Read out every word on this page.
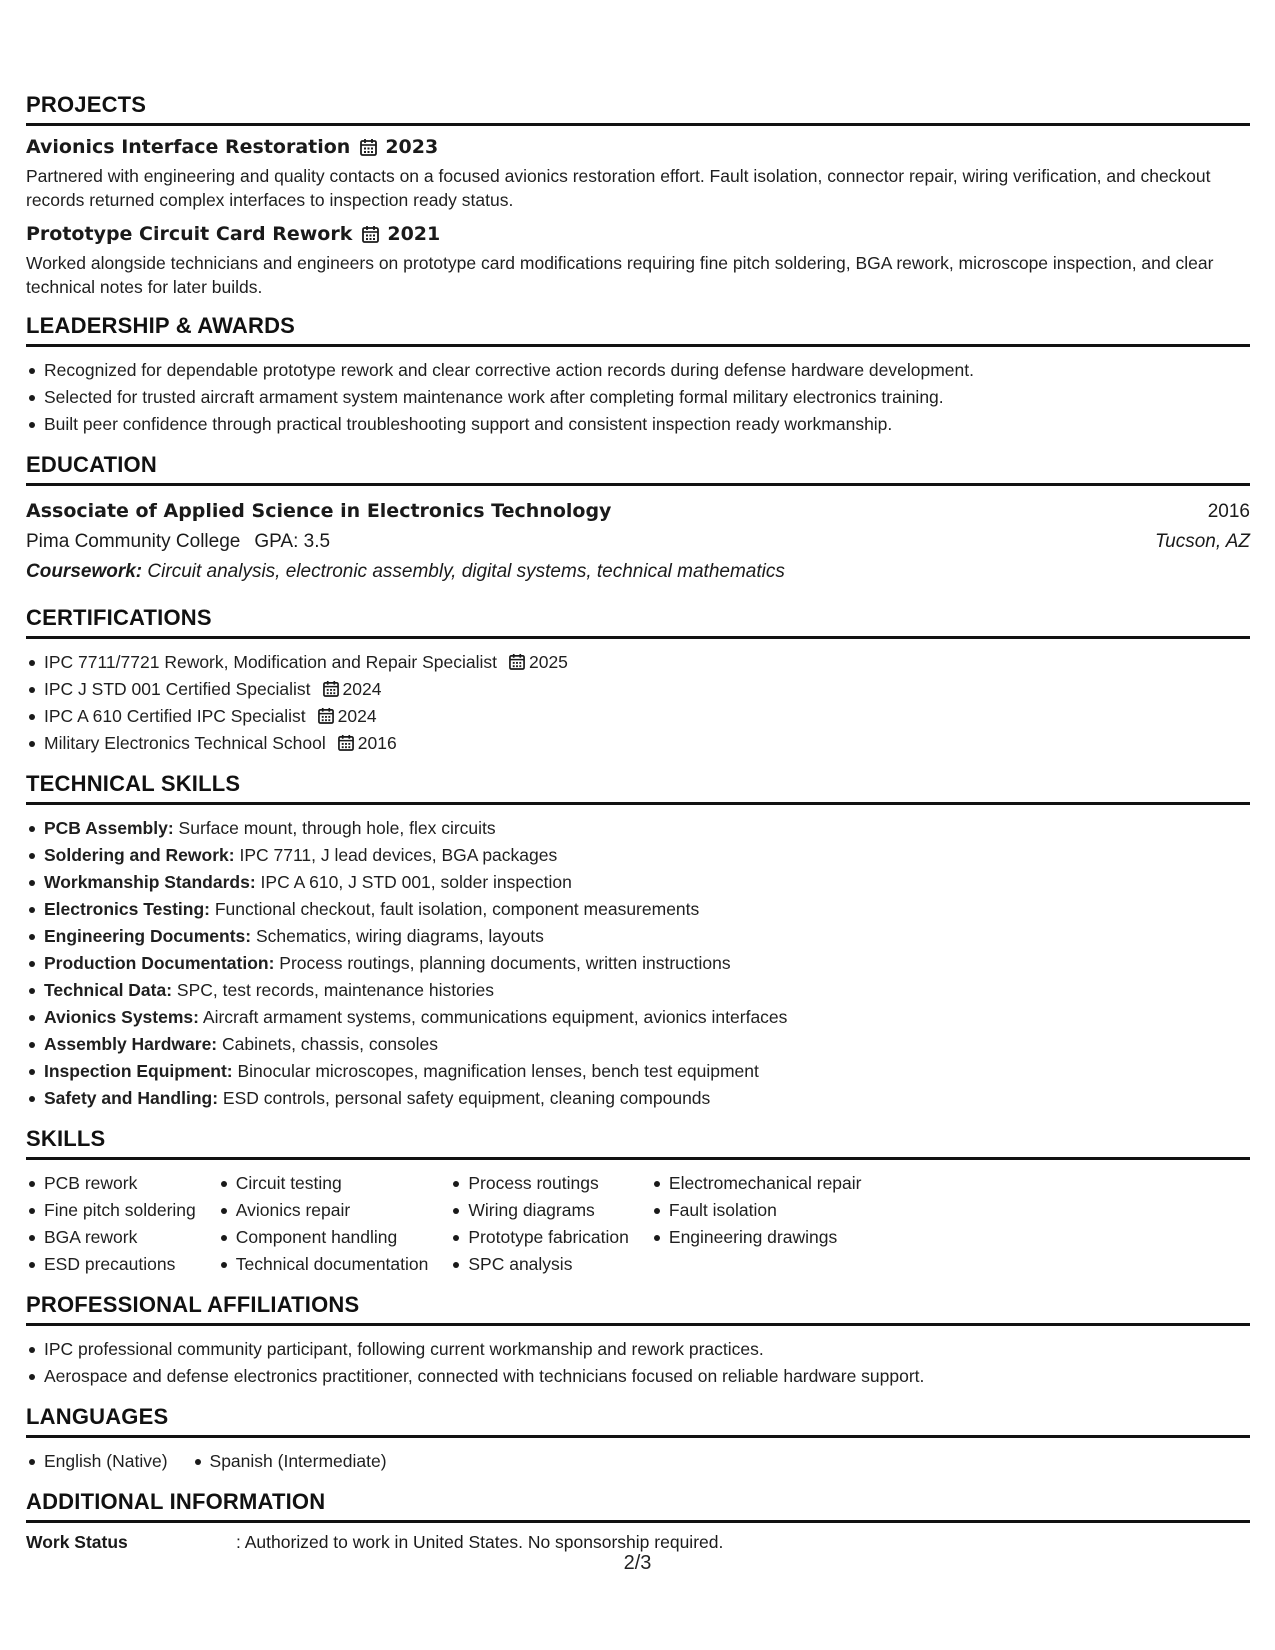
PROJECTS
Avionics Interface Restoration 2023
Partnered with engineering and quality contacts on a focused avionics restoration effort. Fault isolation, connector repair, wiring verification, and checkout records returned complex interfaces to inspection ready status.
Prototype Circuit Card Rework 2021
Worked alongside technicians and engineers on prototype card modifications requiring fine pitch soldering, BGA rework, microscope inspection, and clear technical notes for later builds.
LEADERSHIP & AWARDS
Recognized for dependable prototype rework and clear corrective action records during defense hardware development.
Selected for trusted aircraft armament system maintenance work after completing formal military electronics training.
Built peer confidence through practical troubleshooting support and consistent inspection ready workmanship.
EDUCATION
Associate of Applied Science in Electronics Technology	2016
Pima Community College GPA: 3.5	Tucson, AZ
Coursework: Circuit analysis, electronic assembly, digital systems, technical mathematics
CERTIFICATIONS
IPC 7711/7721 Rework, Modification and Repair Specialist 2025
IPC J STD 001 Certified Specialist 2024
IPC A 610 Certified IPC Specialist 2024
Military Electronics Technical School 2016
TECHNICAL SKILLS
PCB Assembly: Surface mount, through hole, flex circuits
Soldering and Rework: IPC 7711, J lead devices, BGA packages
Workmanship Standards: IPC A 610, J STD 001, solder inspection
Electronics Testing: Functional checkout, fault isolation, component measurements
Engineering Documents: Schematics, wiring diagrams, layouts
Production Documentation: Process routings, planning documents, written instructions
Technical Data: SPC, test records, maintenance histories
Avionics Systems: Aircraft armament systems, communications equipment, avionics interfaces
Assembly Hardware: Cabinets, chassis, consoles
Inspection Equipment: Binocular microscopes, magnification lenses, bench test equipment
Safety and Handling: ESD controls, personal safety equipment, cleaning compounds
SKILLS
PCB rework
Fine pitch soldering
BGA rework
ESD precautions
Circuit testing
Avionics repair
Component handling
Technical documentation
Process routings
Wiring diagrams
Prototype fabrication
SPC analysis
Electromechanical repair
Fault isolation
Engineering drawings
PROFESSIONAL AFFILIATIONS
IPC professional community participant, following current workmanship and rework practices.
Aerospace and defense electronics practitioner, connected with technicians focused on reliable hardware support.
LANGUAGES
English (Native) Spanish (Intermediate)
ADDITIONAL INFORMATION
Work Status	: Authorized to work in United States. No sponsorship required.
2/3
